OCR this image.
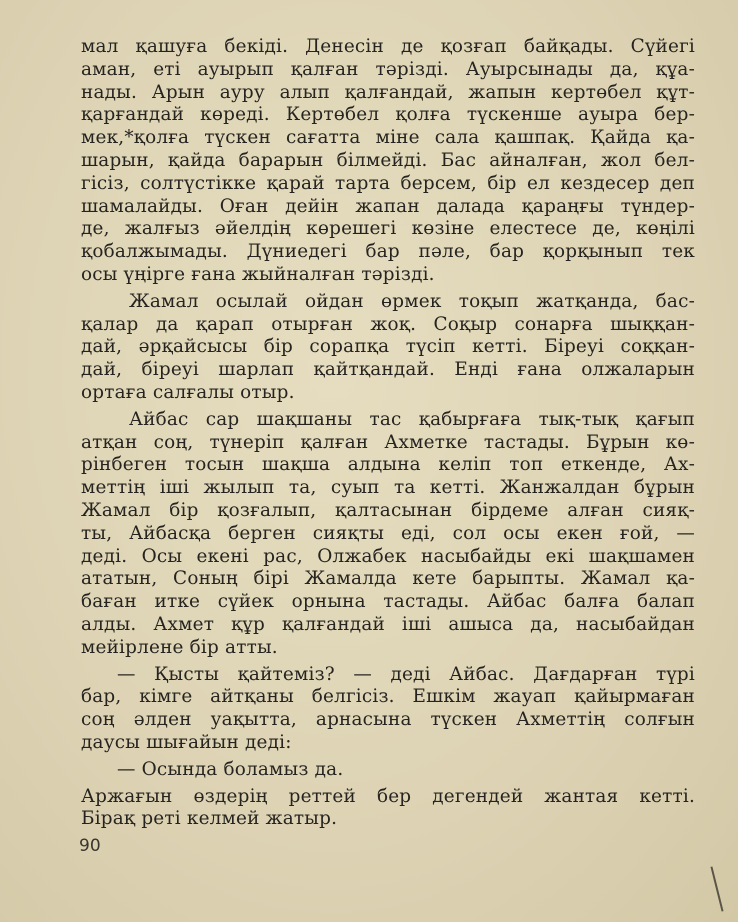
мал қашуға бекідi. Денесiн де қозғап байқады. Сүйегi
аман, етi ауырып қалған тәрiздi. Ауырсынады да, құа-
нады. Арын ауру алып қалғандай, жапын кертөбел құт-
қарғандай көредi. Кертөбел қолға түскенше ауыра бер-
мек,*қолға түскен сағатта мiне сала қашпақ. Қайда қа-
шарын, қайда бараpын бiлмейдi. Бас айналған, жол бел-
гiсiз, солтүстiкке қарай тарта берсем, бiр ел кездесер деп
шамалайды. Оған дейiн жапан далада қараңғы түндер-
де, жалғыз әйелдiң көрешегi көзiне елестесе де, көңiлi
қобалжымады. Дүниедегi бар пәле, бар қорқынып тек
осы үңiрге ғана жыйналған тәрiздi.
Жамал осылай ойдан өрмек тоқып жатқанда, бас-
қалар да қарап отырған жоқ. Соқыр сонарға шыққан-
дай, әрқайсысы бiр сорапқа түсiп кеттi. Бiреуi соққан-
дай, бiреуi шарлап қайтқандай. Ендi ғана олжаларын
ортаға салғалы отыр.
Айбас сар шақшаны тас қабырғаға тық-тық қағып
атқан соң, түнерiп қалған Ахметке тастады. Бұрын кө-
рiнбеген тосын шақша алдына келiп топ еткенде, Ах-
меттiң iшi жылып та, суып та кеттi. Жанжалдан бұрын
Жамал бiр қозғалып, қалтасынан бiрдеме алған сияқ-
ты, Айбасқа берген сияқты едi, сол осы екен ғой, —
дедi. Осы екенi рас, Олжабек насыбайды екi шақшамен
ататын, Соның бiрi Жамалда кете барыпты. Жамал қа-
баған итке сүйек орнына тастады. Айбас балға балап
алды. Ахмет құр қалғандай iшi ашыса да, насыбайдан
мейiрлене бiр атты.
— Қысты қайтемiз? — дедi Айбас. Дағдарған түрi
бар, кiмге айтқаны белгiсiз. Ешкiм жауап қайырмаған
соң әлден уақытта, арнасына түскен Ахметтiң солғын
даусы шығайын дедi:
— Осында боламыз да.
Аржағын өздерiң реттей бер дегендей жантая кеттi.
Бiрақ ретi келмей жатыр.
90
